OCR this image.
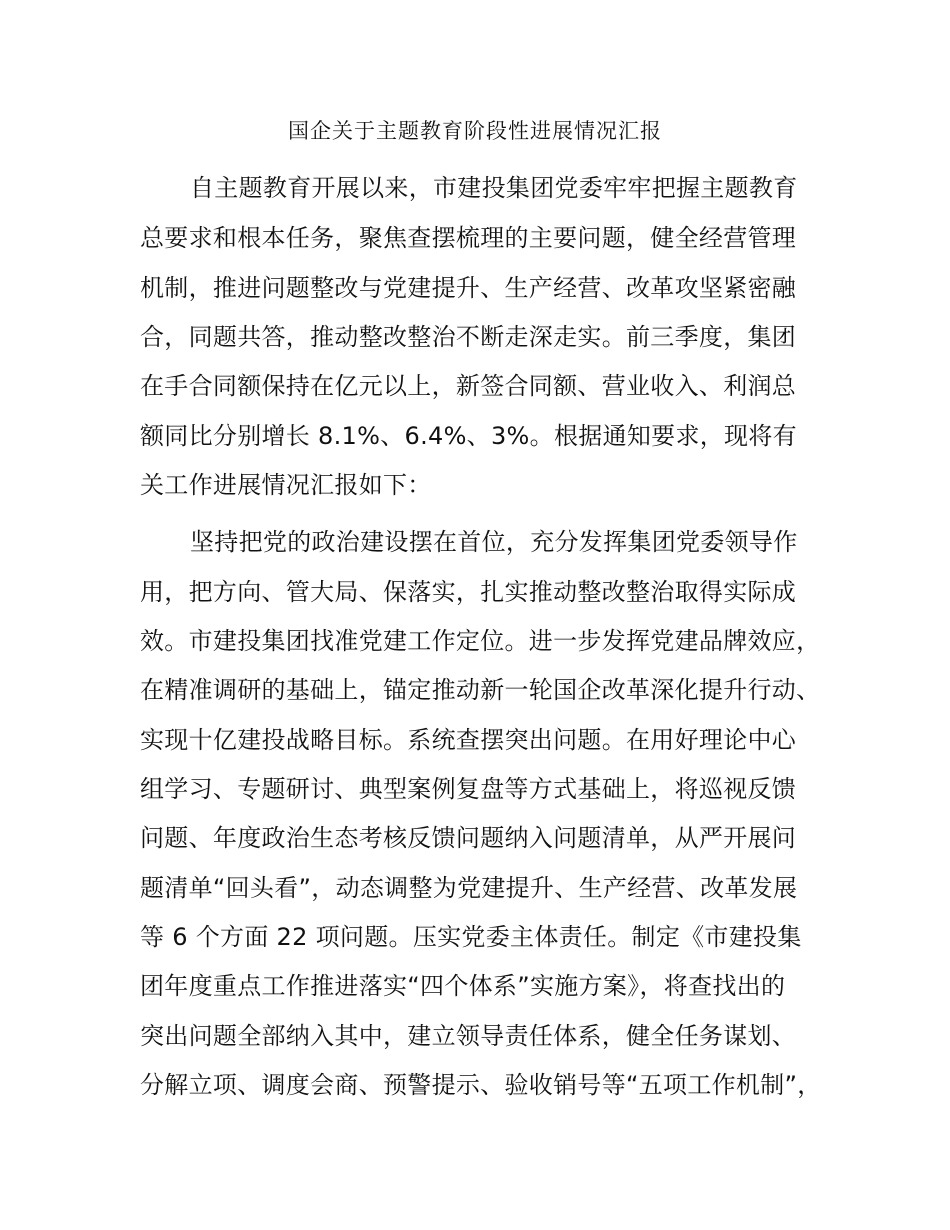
国企关于主题教育阶段性进展情况汇报
自主题教育开展以来，市建投集团党委牢牢把握主题教育
总要求和根本任务，聚焦查摆梳理的主要问题，健全经营管理
机制，推进问题整改与党建提升、生产经营、改革攻坚紧密融
合，同题共答，推动整改整治不断走深走实。前三季度，集团
在手合同额保持在亿元以上，新签合同额、营业收入、利润总
额同比分别增长 8.1%、6.4%、3%。根据通知要求，现将有
关工作进展情况汇报如下：
坚持把党的政治建设摆在首位，充分发挥集团党委领导作
用，把方向、管大局、保落实，扎实推动整改整治取得实际成
效。市建投集团找准党建工作定位。进一步发挥党建品牌效应，
在精准调研的基础上，锚定推动新一轮国企改革深化提升行动、
实现十亿建投战略目标。系统查摆突出问题。在用好理论中心
组学习、专题研讨、典型案例复盘等方式基础上，将巡视反馈
问题、年度政治生态考核反馈问题纳入问题清单，从严开展问
题清单“回头看”，动态调整为党建提升、生产经营、改革发展
等 6 个方面 22 项问题。压实党委主体责任。制定《市建投集
团年度重点工作推进落实“四个体系”实施方案》，将查找出的
突出问题全部纳入其中，建立领导责任体系，健全任务谋划、
分解立项、调度会商、预警提示、验收销号等“五项工作机制”，
